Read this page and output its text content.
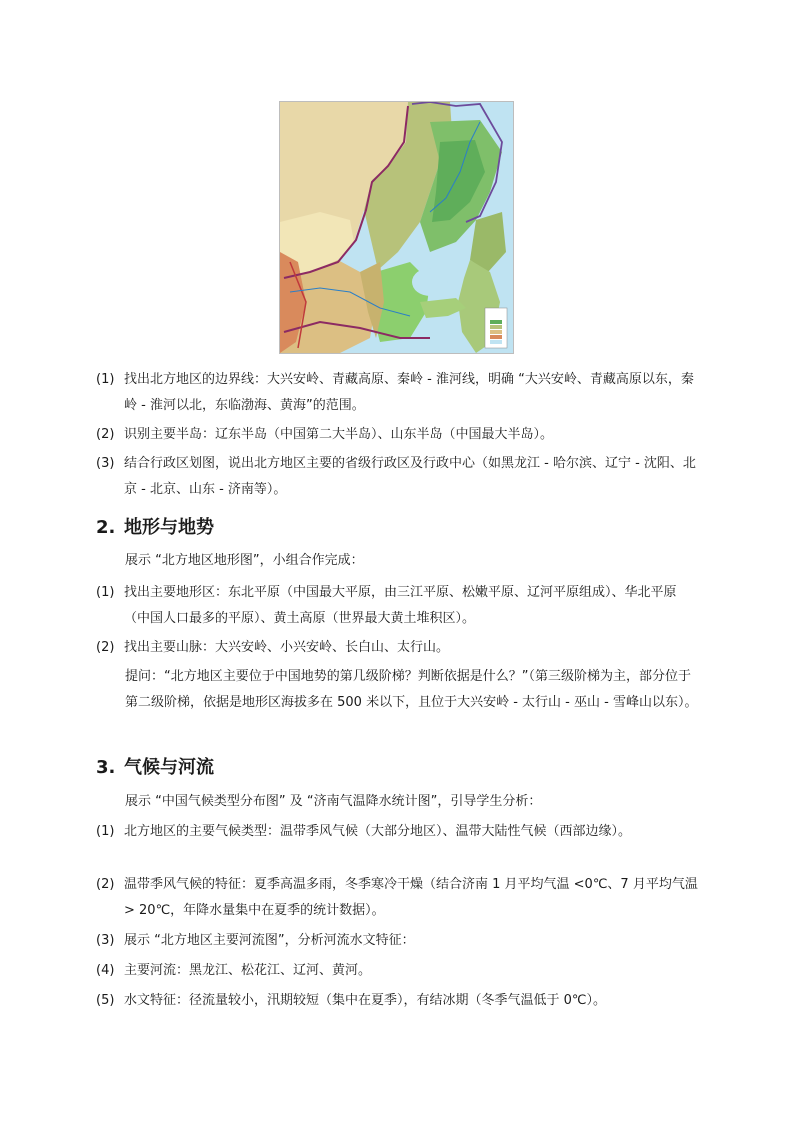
(1) 找出北方地区的边界线：大兴安岭、青藏高原、秦岭 - 淮河线，明确 “大兴安岭、青藏高原以东，秦岭 - 淮河以北，东临渤海、黄海”的范围。
(2) 识别主要半岛：辽东半岛（中国第二大半岛）、山东半岛（中国最大半岛）。
(3) 结合行政区划图，说出北方地区主要的省级行政区及行政中心（如黑龙江 - 哈尔滨、辽宁 - 沈阳、北京 - 北京、山东 - 济南等）。
2. 地形与地势
展示 “北方地区地形图”，小组合作完成：
(1) 找出主要地形区：东北平原（中国最大平原，由三江平原、松嫩平原、辽河平原组成）、华北平原（中国人口最多的平原）、黄土高原（世界最大黄土堆积区）。
(2) 找出主要山脉：大兴安岭、小兴安岭、长白山、太行山。
提问：“北方地区主要位于中国地势的第几级阶梯？判断依据是什么？”（第三级阶梯为主，部分位于第二级阶梯，依据是地形区海拔多在 500 米以下，且位于大兴安岭 - 太行山 - 巫山 - 雪峰山以东）。
3. 气候与河流
展示 “中国气候类型分布图” 及 “济南气温降水统计图”，引导学生分析：
(1) 北方地区的主要气候类型：温带季风气候（大部分地区）、温带大陆性气候（西部边缘）。
(2) 温带季风气候的特征：夏季高温多雨，冬季寒冷干燥（结合济南 1 月平均气温 <0℃、7 月平均气温> 20℃，年降水量集中在夏季的统计数据）。
(3) 展示 “北方地区主要河流图”，分析河流水文特征：
(4) 主要河流：黑龙江、松花江、辽河、黄河。
(5) 水文特征：径流量较小，汛期较短（集中在夏季），有结冰期（冬季气温低于 0℃）。
